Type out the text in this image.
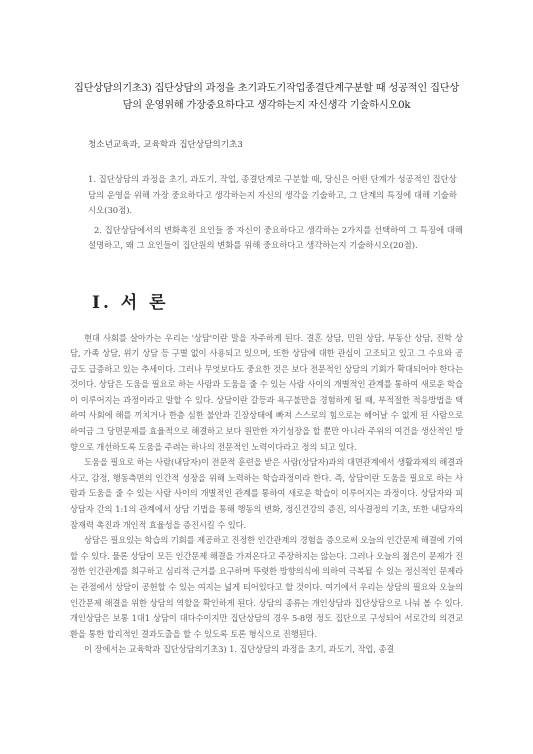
집단상담의기초3) 집단상담의 과정을 초기과도기작업종결단계구분할 때 성공적인 집단상담의 운영위해 가장중요하다고 생각하는지 자신생각 기술하시오0k

청소년교육과, 교육학과 집단상담의기초3

1. 집단상담의 과정을 초기, 과도기, 작업, 종결단계로 구분할 때, 당신은 어떤 단계가 성공적인 집단상담의 운영을 위해 가장 중요하다고 생각하는지 자신의 생각을 기술하고, 그 단계의 특징에 대해 기술하시오(30점).

2. 집단상담에서의 변화촉진 요인들 중 자신이 중요하다고 생각하는 2가지를 선택하여 그 특징에 대해 설명하고, 왜 그 요인들이 집단원의 변화를 위해 중요하다고 생각하는지 기술하시오(20점).

Ⅰ. 서 론

현대 사회를 살아가는 우리는 '상담'이란 말을 자주하게 된다. 결혼 상담, 민원 상담, 부동산 상담, 진학 상담, 가족 상담, 위기 상담 등 구별 없이 사용되고 있으며, 또한 상담에 대한 관심이 고조되고 있고 그 수요와 공급도 급증하고 있는 추세이다. 그러나 무엇보다도 중요한 것은 보다 전문적인 상담의 기회가 확대되어야 한다는 것이다. 상담은 도움을 필요로 하는 사람과 도움을 줄 수 있는 사람 사이의 개별적인 관계를 통하여 새로운 학습이 이루어지는 과정이라고 말할 수 있다. 상담이란 갈등과 욕구불만을 경험하게 될 때, 부적절한 적응방법을 택하여 사회에 해를 끼치거나 한층 심한 불안과 긴장상태에 빠져 스스로의 힘으로는 헤어날 수 없게 된 사람으로 하여금 그 당면문제를 효율적으로 해결하고 보다 원만한 자기성장을 할 뿐만 아니라 주위의 여건을 생산적인 방향으로 개선하도록 도움을 주려는 하나의 전문적인 노력이다라고 정의 되고 있다.

도움을 필요로 하는 사람(내담자)이 전문적 훈련을 받은 사람(상담자)과의 대면관계에서 생활과제의 해결과 사고, 감정, 행동측면의 인간적 성장을 위해 노력하는 학습과정이라 한다. 즉, 상담이란 도움을 필요로 하는 사람과 도움을 줄 수 있는 사람 사이의 개별적인 관계를 통하여 새로운 학습이 이루어지는 과정이다. 상담자와 피상담자 간의 1:1의 관계에서 상담 기법을 통해 행동의 변화, 정신건강의 증진, 의사결정의 기초, 또한 내담자의 잠재력 촉진과 개인적 효율성을 증진시킬 수 있다.

상담은 필요있는 학습의 기회를 제공하고 진정한 인간관계의 경험을 증으로써 오늘의 인간문제 해결에 기여할 수 있다. 물론 상담이 모든 인간문제 해결을 가져온다고 주장하지는 않는다. 그러나 오늘의 젊은이 문제가 진정한 인간관계를 희구하고 심리적 근거를 요구하며 뚜렷한 방향의식에 의하여 극복될 수 있는 정신적인 문제라는 관점에서 상담이 공헌할 수 있는 여지는 넓게 티어있다고 할 것이다. 여기에서 우리는 상담의 필요와 오늘의 인간문제 해결을 위한 상담의 역할을 확인하게 된다. 상담의 종류는 개인상담과 집단상담으로 나눠 볼 수 있다. 개인상담은 보통 1대1 상담이 대다수이지만 집단상담의 경우 5-8명 정도 집단으로 구성되어 서로간의 의견교환을 통한 합리적인 결과도출을 할 수 있도록 토론 형식으로 진행된다.

이 장에서는 교육학과 집단상담의기초3) 1. 집단상담의 과정을 초기, 과도기, 작업, 종결
